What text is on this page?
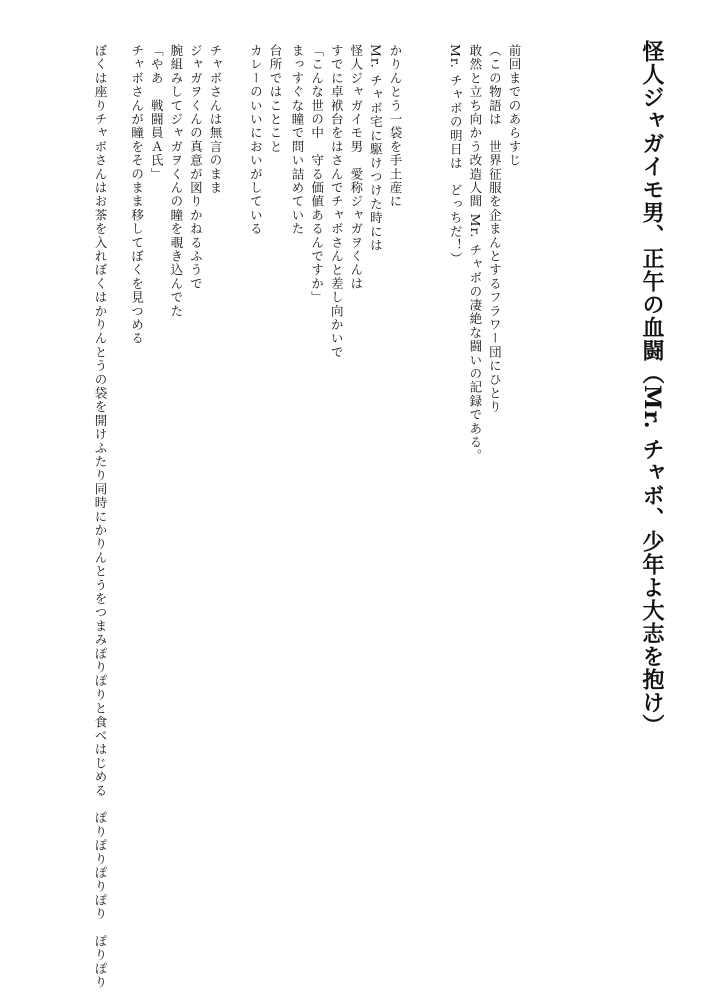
怪人ジャガイモ男、正午の血闘（Mr. チャボ、少年よ大志を抱け）
前回までのあらすじ
（この物語は　世界征服を企まんとするフラワー団にひとり
敢然と立ち向かう改造人間 Mr. チャボの凄絶な闘いの記録である。
Mr. チャボの明日は　どっちだ！）
かりんとう一袋を手土産に
Mr. チャボ宅に駆けつけた時には
怪人ジャガイモ男　愛称ジャガヲくんは
すでに卓袱台をはさんでチャボさんと差し向かいで
「こんな世の中　守る価値あるんですか」
まっすぐな瞳で問い詰めていた
台所ではことこと
カレーのいいにおいがしている
チャボさんは無言のまま
ジャガヲくんの真意が図りかねるふうで
腕組みしてジャガヲくんの瞳を覗き込んでた
「やあ　戦闘員Ａ氏」
チャボさんが瞳をそのまま移してぼくを見つめる
ぼくは座りチャボさんはお茶を入れぼくはかりんとうの袋を開けふたり同時にかりんとうをつまみぽりぽりと食べはじめる　ぽりぽりぽりぽり　ぽりぽり
